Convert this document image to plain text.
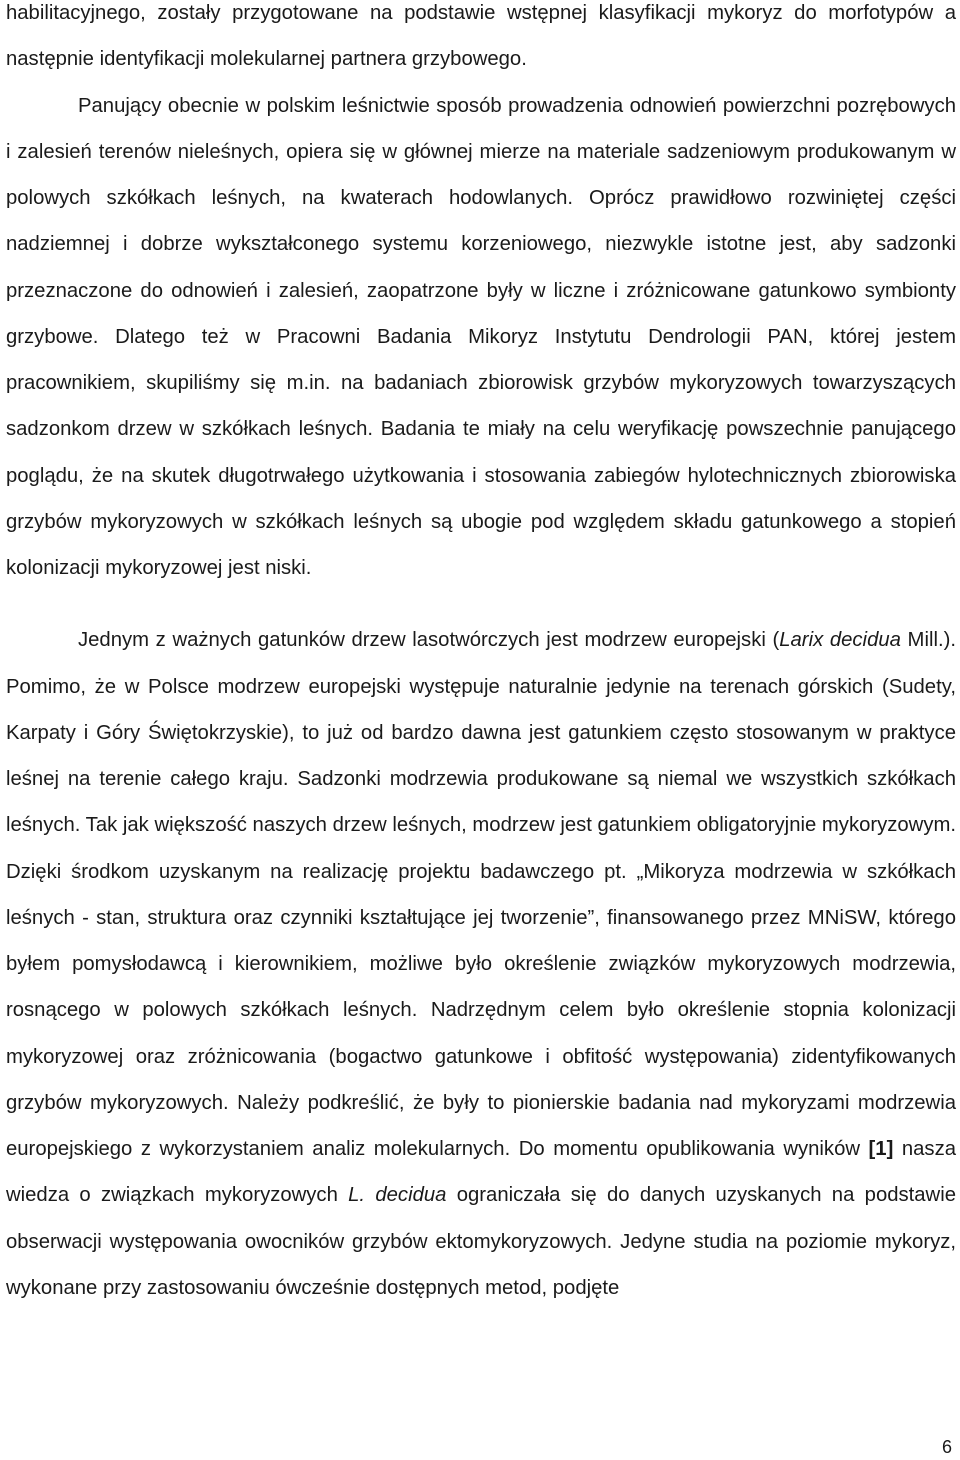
habilitacyjnego, zostały przygotowane na podstawie wstępnej klasyfikacji mykoryz do morfotypów a następnie identyfikacji molekularnej partnera grzybowego.

Panujący obecnie w polskim leśnictwie sposób prowadzenia odnowień powierzchni pozrębowych i zalesień terenów nieleśnych, opiera się w głównej mierze na materiale sadzeniowym produkowanym w polowych szkółkach leśnych, na kwaterach hodowlanych. Oprócz prawidłowo rozwiniętej części nadziemnej i dobrze wykształconego systemu korzeniowego, niezwykle istotne jest, aby sadzonki przeznaczone do odnowień i zalesień, zaopatrzone były w liczne i zróżnicowane gatunkowo symbionty grzybowe. Dlatego też w Pracowni Badania Mikoryz Instytutu Dendrologii PAN, której jestem pracownikiem, skupiliśmy się m.in. na badaniach zbiorowisk grzybów mykoryzowych towarzyszących sadzonkom drzew w szkółkach leśnych. Badania te miały na celu weryfikację powszechnie panującego poglądu, że na skutek długotrwałego użytkowania i stosowania zabiegów hylotechnicznych zbiorowiska grzybów mykoryzowych w szkółkach leśnych są ubogie pod względem składu gatunkowego a stopień kolonizacji mykoryzowej jest niski.

Jednym z ważnych gatunków drzew lasotwórczych jest modrzew europejski (Larix decidua Mill.). Pomimo, że w Polsce modrzew europejski występuje naturalnie jedynie na terenach górskich (Sudety, Karpaty i Góry Świętokrzyskie), to już od bardzo dawna jest gatunkiem często stosowanym w praktyce leśnej na terenie całego kraju. Sadzonki modrzewia produkowane są niemal we wszystkich szkółkach leśnych. Tak jak większość naszych drzew leśnych, modrzew jest gatunkiem obligatoryjnie mykoryzowym. Dzięki środkom uzyskanym na realizację projektu badawczego pt. „Mikoryza modrzewia w szkółkach leśnych - stan, struktura oraz czynniki kształtujące jej tworzenie”, finansowanego przez MNiSW, którego byłem pomysłodawcą i kierownikiem, możliwe było określenie związków mykoryzowych modrzewia, rosnącego w polowych szkółkach leśnych. Nadrzędnym celem było określenie stopnia kolonizacji mykoryzowej oraz zróżnicowania (bogactwo gatunkowe i obfitość występowania) zidentyfikowanych grzybów mykoryzowych. Należy podkreślić, że były to pionierskie badania nad mykoryzami modrzewia europejskiego z wykorzystaniem analiz molekularnych. Do momentu opublikowania wyników [1] nasza wiedza o związkach mykoryzowych L. decidua ograniczała się do danych uzyskanych na podstawie obserwacji występowania owocników grzybów ektomykoryzowych. Jedyne studia na poziomie mykoryz, wykonane przy zastosowaniu ówcześnie dostępnych metod, podjęte

6
